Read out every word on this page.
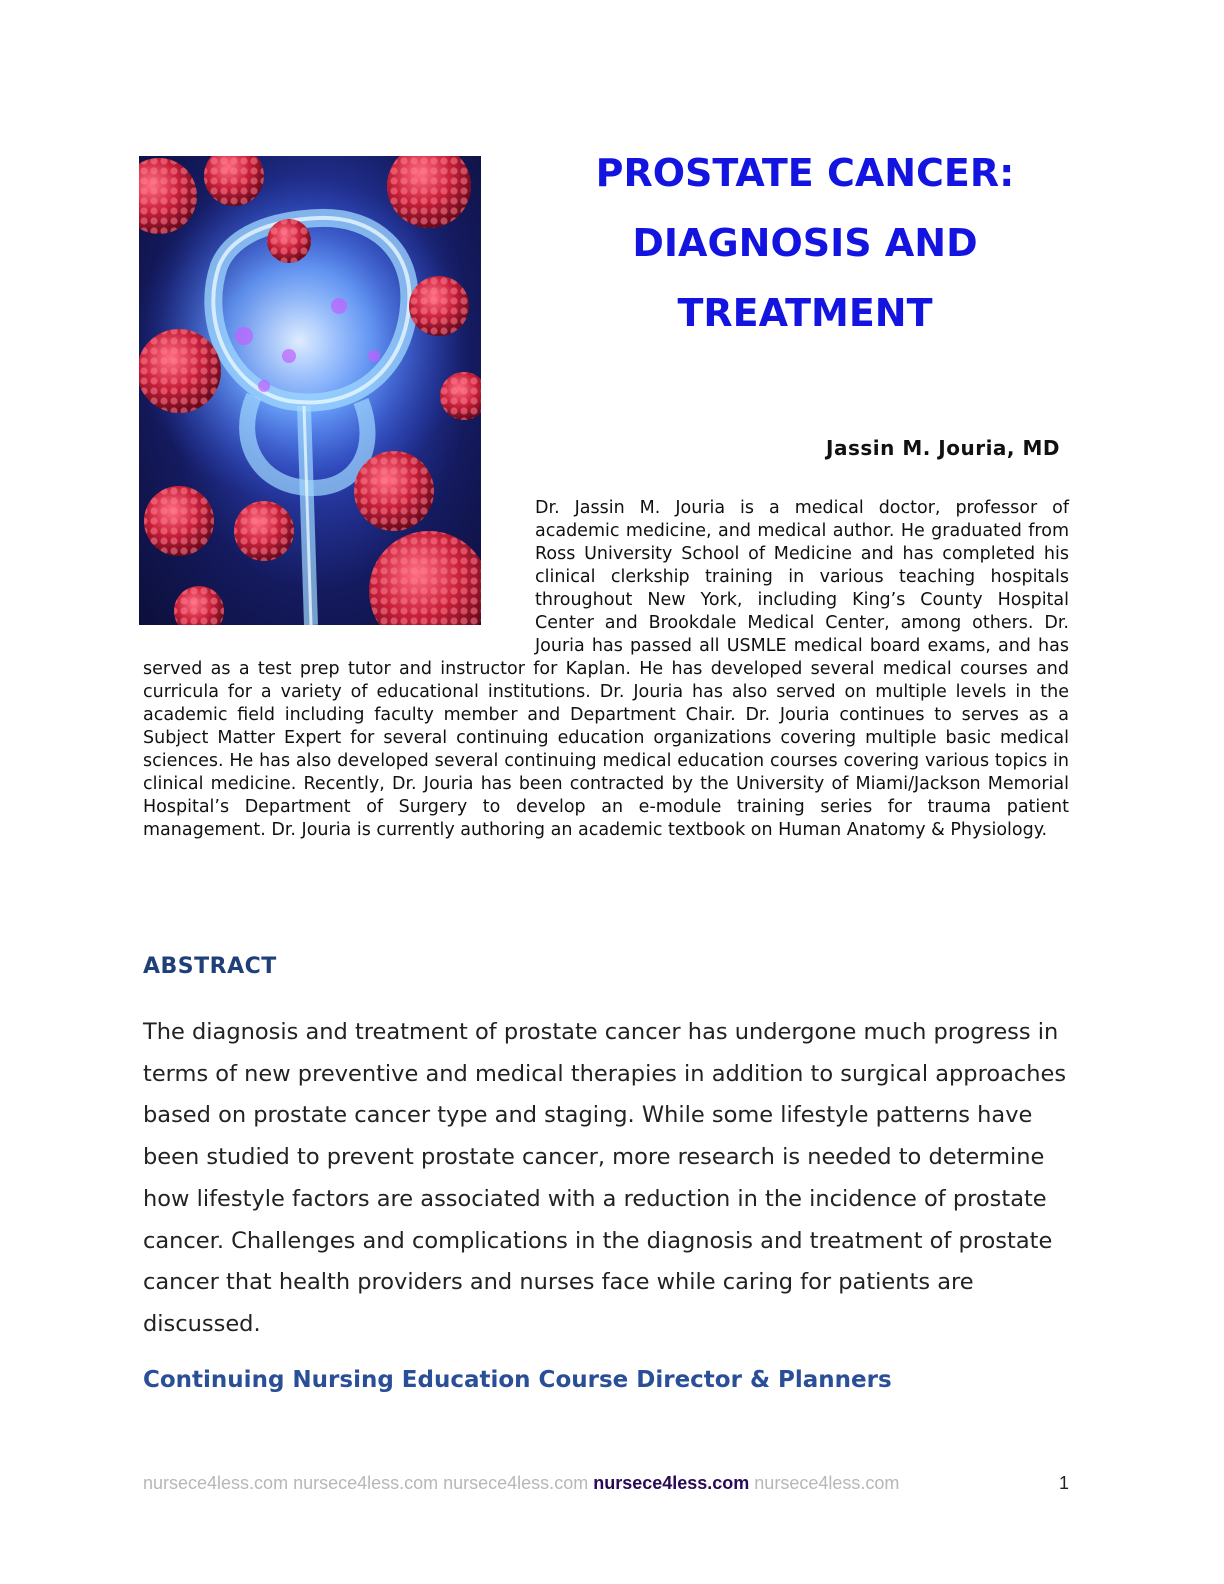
PROSTATE CANCER:
DIAGNOSIS AND
TREATMENT
Jassin M. Jouria, MD
Dr. Jassin M. Jouria is a medical doctor, professor of academic medicine, and medical author. He graduated from Ross University School of Medicine and has completed his clinical clerkship training in various teaching hospitals throughout New York, including King’s County Hospital Center and Brookdale Medical Center, among others. Dr. Jouria has passed all USMLE medical board exams, and has served as a test prep tutor and instructor for Kaplan. He has developed several medical courses and curricula for a variety of educational institutions. Dr. Jouria has also served on multiple levels in the academic field including faculty member and Department Chair. Dr. Jouria continues to serves as a Subject Matter Expert for several continuing education organizations covering multiple basic medical sciences. He has also developed several continuing medical education courses covering various topics in clinical medicine. Recently, Dr. Jouria has been contracted by the University of Miami/Jackson Memorial Hospital’s Department of Surgery to develop an e-module training series for trauma patient management. Dr. Jouria is currently authoring an academic textbook on Human Anatomy & Physiology.
ABSTRACT

The diagnosis and treatment of prostate cancer has undergone much progress in terms of new preventive and medical therapies in addition to surgical approaches based on prostate cancer type and staging. While some lifestyle patterns have been studied to prevent prostate cancer, more research is needed to determine how lifestyle factors are associated with a reduction in the incidence of prostate cancer. Challenges and complications in the diagnosis and treatment of prostate cancer that health providers and nurses face while caring for patients are discussed.

Continuing Nursing Education Course Director & Planners
nursece4less.com nursece4less.com nursece4less.com nursece4less.com nursece4less.com	1
